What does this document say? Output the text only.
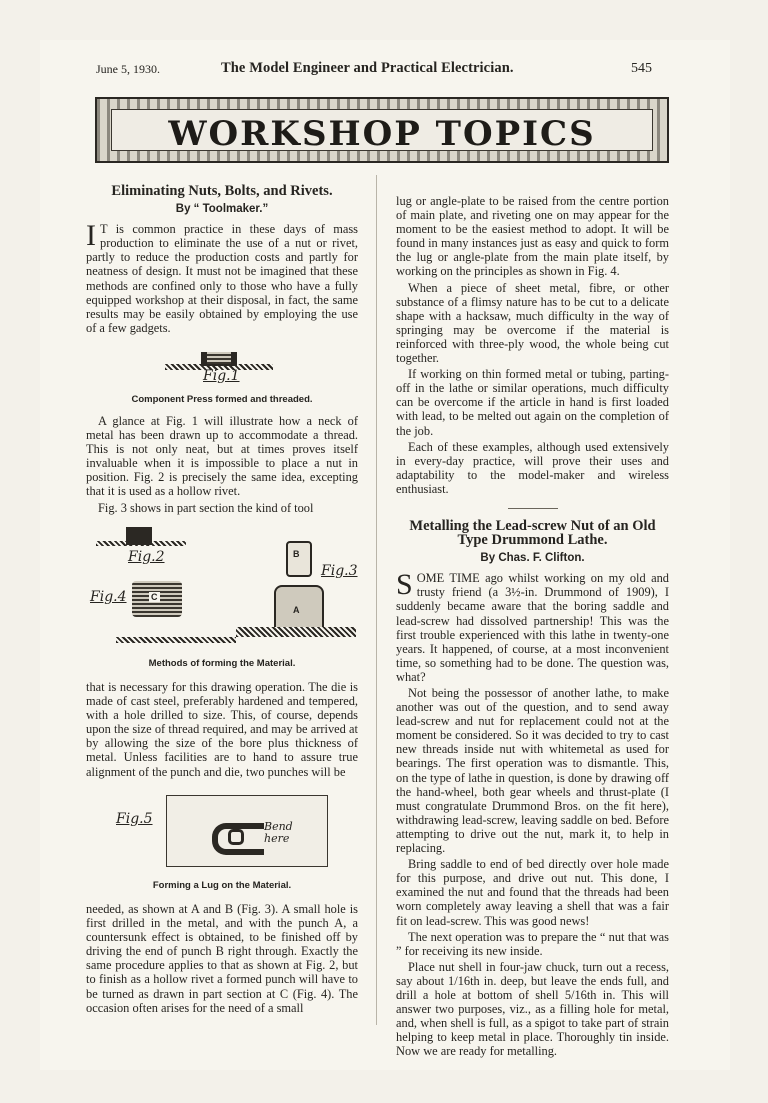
June 5, 1930.	The Model Engineer and Practical Electrician.	545
WORKSHOP TOPICS
Eliminating Nuts, Bolts, and Rivets.
By “ Toolmaker.”

I T is common practice in these days of mass production to eliminate the use of a nut or rivet, partly to reduce the production costs and partly for neatness of design. It must not be imagined that these methods are confined only to those who have a fully equipped workshop at their disposal, in fact, the same results may be easily obtained by employing the use of a few gadgets.

Fig.1
Component Press formed and threaded.

A glance at Fig. 1 will illustrate how a neck of metal has been drawn up to accommodate a thread. This is not only neat, but at times proves itself invaluable when it is impossible to place a nut in position. Fig. 2 is precisely the same idea, excepting that it is used as a hollow rivet.

Fig. 3 shows in part section the kind of tool

Fig.2	B
A
Fig.3
Fig.4	C
Methods of forming the Material.

that is necessary for this drawing operation. The die is made of cast steel, preferably hardened and tempered, with a hole drilled to size. This, of course, depends upon the size of thread required, and may be arrived at by allowing the size of the bore plus thickness of metal. Unless facilities are to hand to assure true alignment of the punch and die, two punches will be

Fig.5	Bend here
Forming a Lug on the Material.

needed, as shown at A and B (Fig. 3). A small hole is first drilled in the metal, and with the punch A, a countersunk effect is obtained, to be finished off by driving the end of punch B right through. Exactly the same procedure applies to that as shown at Fig. 2, but to finish as a hollow rivet a formed punch will have to be turned as drawn in part section at C (Fig. 4). The occasion often arises for the need of a small

lug or angle-plate to be raised from the centre portion of main plate, and riveting one on may appear for the moment to be the easiest method to adopt. It will be found in many instances just as easy and quick to form the lug or angle-plate from the main plate itself, by working on the principles as shown in Fig. 4.

When a piece of sheet metal, fibre, or other substance of a flimsy nature has to be cut to a delicate shape with a hacksaw, much difficulty in the way of springing may be overcome if the material is reinforced with three-ply wood, the whole being cut together.

If working on thin formed metal or tubing, parting-off in the lathe or similar operations, much difficulty can be overcome if the article in hand is first loaded with lead, to be melted out again on the completion of the job.

Each of these examples, although used extensively in every-day practice, will prove their uses and adaptability to the model-maker and wireless enthusiast.

Metalling the Lead-screw Nut of an Old Type Drummond Lathe.
By Chas. F. Clifton.

SOME TIME ago whilst working on my old and trusty friend (a 3½-in. Drummond of 1909), I suddenly became aware that the boring saddle and lead-screw had dissolved partnership! This was the first trouble experienced with this lathe in twenty-one years. It happened, of course, at a most inconvenient time, so something had to be done. The question was, what?

Not being the possessor of another lathe, to make another was out of the question, and to send away lead-screw and nut for replacement could not at the moment be considered. So it was decided to try to cast new threads inside nut with whitemetal as used for bearings. The first operation was to dismantle. This, on the type of lathe in question, is done by drawing off the hand-wheel, both gear wheels and thrust-plate (I must congratulate Drummond Bros. on the fit here), withdrawing lead-screw, leaving saddle on bed. Before attempting to drive out the nut, mark it, to help in replacing.

Bring saddle to end of bed directly over hole made for this purpose, and drive out nut. This done, I examined the nut and found that the threads had been worn completely away leaving a shell that was a fair fit on lead-screw. This was good news!

The next operation was to prepare the “ nut that was ” for receiving its new inside.

Place nut shell in four-jaw chuck, turn out a recess, say about 1/16th in. deep, but leave the ends full, and drill a hole at bottom of shell 5/16th in. This will answer two purposes, viz., as a filling hole for metal, and, when shell is full, as a spigot to take part of strain helping to keep metal in place. Thoroughly tin inside. Now we are ready for metalling.
